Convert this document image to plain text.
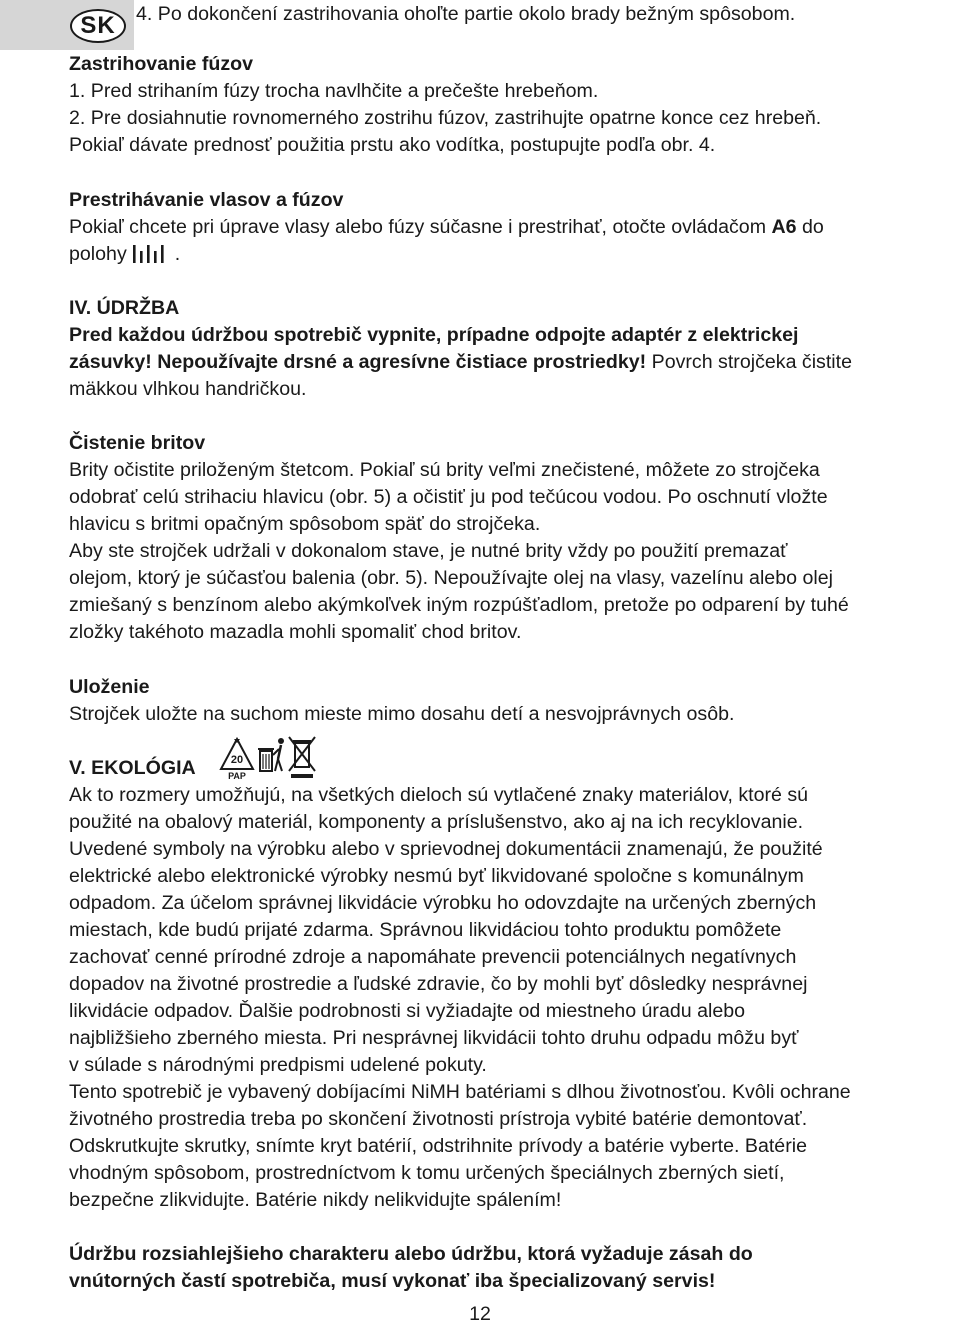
SK	4. Po dokončení zastrihovania ohoľte partie okolo brady bežným spôsobom.
Zastrihovanie fúzov
1. Pred strihaním fúzy trocha navlhčite a prečešte hrebeňom.
2. Pre dosiahnutie rovnomerného zostrihu fúzov, zastrihujte opatrne konce cez hrebeň.
Pokiaľ dávate prednosť použitia prstu ako vodítka, postupujte podľa obr. 4.
Prestrihávanie vlasov a fúzov
Pokiaľ chcete pri úprave vlasy alebo fúzy súčasne i prestrihať, otočte ovládačom A6 do
polohy .
IV. ÚDRŽBA
Pred každou údržbou spotrebič vypnite, prípadne odpojte adaptér z elektrickej
zásuvky! Nepoužívajte drsné a agresívne čistiace prostriedky! Povrch strojčeka čistite
mäkkou vlhkou handričkou.
Čistenie britov
Brity očistite priloženým štetcom. Pokiaľ sú brity veľmi znečistené, môžete zo strojčeka
odobrať celú strihaciu hlavicu (obr. 5) a očistiť ju pod tečúcou vodou. Po oschnutí vložte
hlavicu s britmi opačným spôsobom späť do strojčeka.
Aby ste strojček udržali v dokonalom stave, je nutné brity vždy po použití premazať
olejom, ktorý je súčasťou balenia (obr. 5). Nepoužívajte olej na vlasy, vazelínu alebo olej
zmiešaný s benzínom alebo akýmkoľvek iným rozpúšťadlom, pretože po odparení by tuhé
zložky takéhoto mazadla mohli spomaliť chod britov.
Uloženie
Strojček uložte na suchom mieste mimo dosahu detí a nesvojprávnych osôb.
V. EKOLÓGIA	20
PAP
Ak to rozmery umožňujú, na všetkých dieloch sú vytlačené znaky materiálov, ktoré sú
použité na obalový materiál, komponenty a príslušenstvo, ako aj na ich recyklovanie.
Uvedené symboly na výrobku alebo v sprievodnej dokumentácii znamenajú, že použité
elektrické alebo elektronické výrobky nesmú byť likvidované spoločne s komunálnym
odpadom. Za účelom správnej likvidácie výrobku ho odovzdajte na určených zberných
miestach, kde budú prijaté zdarma. Správnou likvidáciou tohto produktu pomôžete
zachovať cenné prírodné zdroje a napomáhate prevencii potenciálnych negatívnych
dopadov na životné prostredie a ľudské zdravie, čo by mohli byť dôsledky nesprávnej
likvidácie odpadov. Ďalšie podrobnosti si vyžiadajte od miestneho úradu alebo
najbližšieho zberného miesta. Pri nesprávnej likvidácii tohto druhu odpadu môžu byť
v súlade s národnými predpismi udelené pokuty.
Tento spotrebič je vybavený dobíjacími NiMH batériami s dlhou životnosťou. Kvôli ochrane
životného prostredia treba po skončení životnosti prístroja vybité batérie demontovať.
Odskrutkujte skrutky, snímte kryt batérií, odstrihnite prívody a batérie vyberte. Batérie
vhodným spôsobom, prostredníctvom k tomu určených špeciálnych zberných sietí,
bezpečne zlikvidujte. Batérie nikdy nelikvidujte spálením!
Údržbu rozsiahlejšieho charakteru alebo údržbu, ktorá vyžaduje zásah do
vnútorných častí spotrebiča, musí vykonať iba špecializovaný servis!
12
